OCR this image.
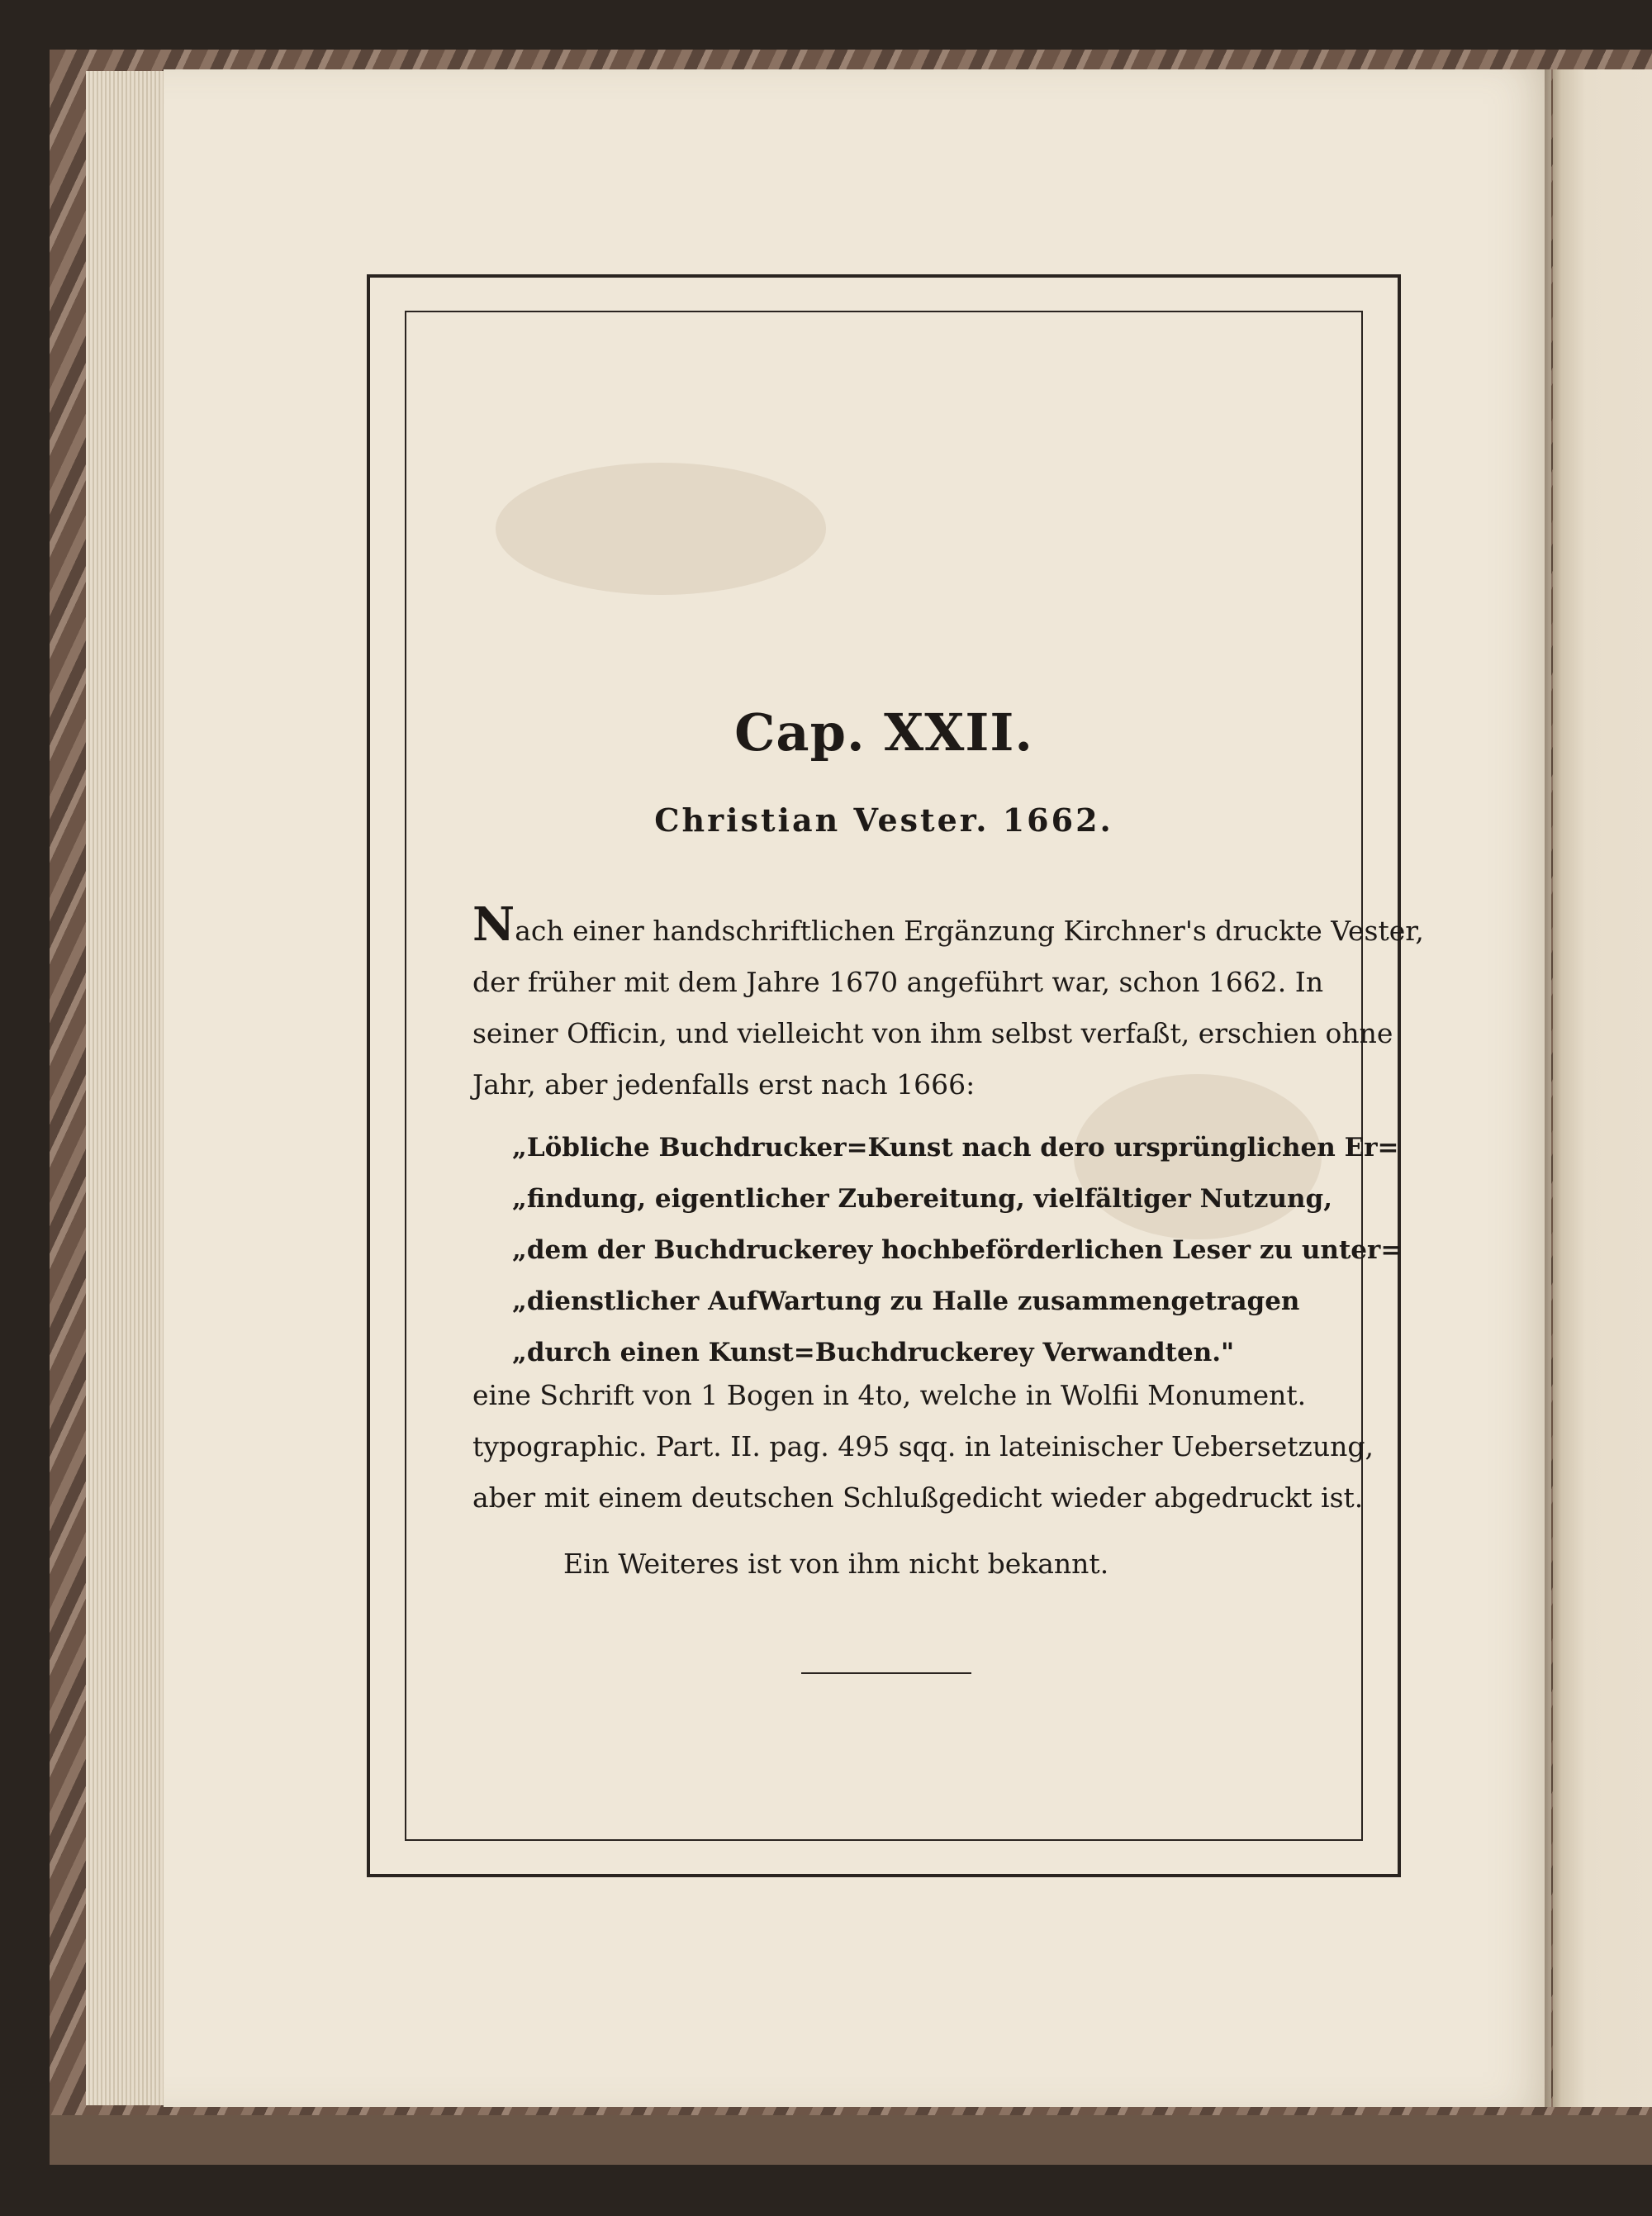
Cap. XXII.
Christian Vester. 1662.
Nach einer handschriftlichen Ergänzung Kirchner's druckte Vester,
der früher mit dem Jahre 1670 angeführt war, schon 1662. In
seiner Officin, und vielleicht von ihm selbst verfaßt, erschien ohne
Jahr, aber jedenfalls erst nach 1666:
„Löbliche Buchdrucker=Kunst nach dero ursprünglichen Er=
„findung, eigentlicher Zubereitung, vielfältiger Nutzung,
„dem der Buchdruckerey hochbeförderlichen Leser zu unter=
„dienstlicher AufWartung zu Halle zusammengetragen
„durch einen Kunst=Buchdruckerey Verwandten."
eine Schrift von 1 Bogen in 4to, welche in Wolfii Monument.
typographic. Part. II. pag. 495 sqq. in lateinischer Uebersetzung,
aber mit einem deutschen Schlußgedicht wieder abgedruckt ist.
Ein Weiteres ist von ihm nicht bekannt.
